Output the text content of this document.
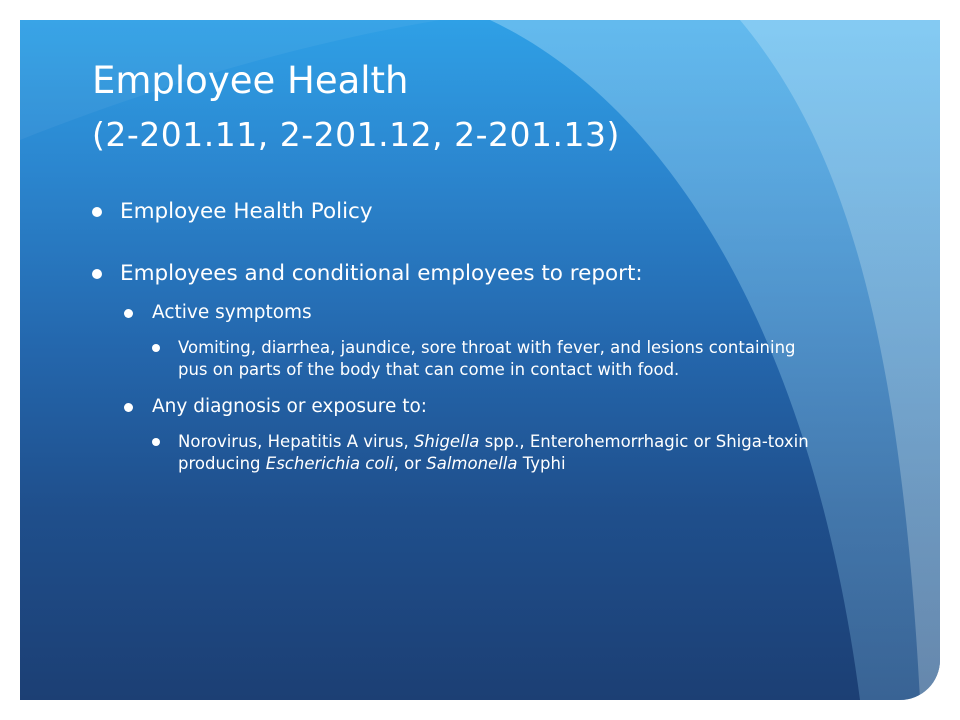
Employee Health
(2-201.11, 2-201.12, 2-201.13)
Employee Health Policy
Employees and conditional employees to report:
Active symptoms
Vomiting, diarrhea, jaundice, sore throat with fever, and lesions containing pus on parts of the body that can come in contact with food.
Any diagnosis or exposure to:
Norovirus, Hepatitis A virus, Shigella spp., Enterohemorrhagic or Shiga-toxin producing Escherichia coli, or Salmonella Typhi
